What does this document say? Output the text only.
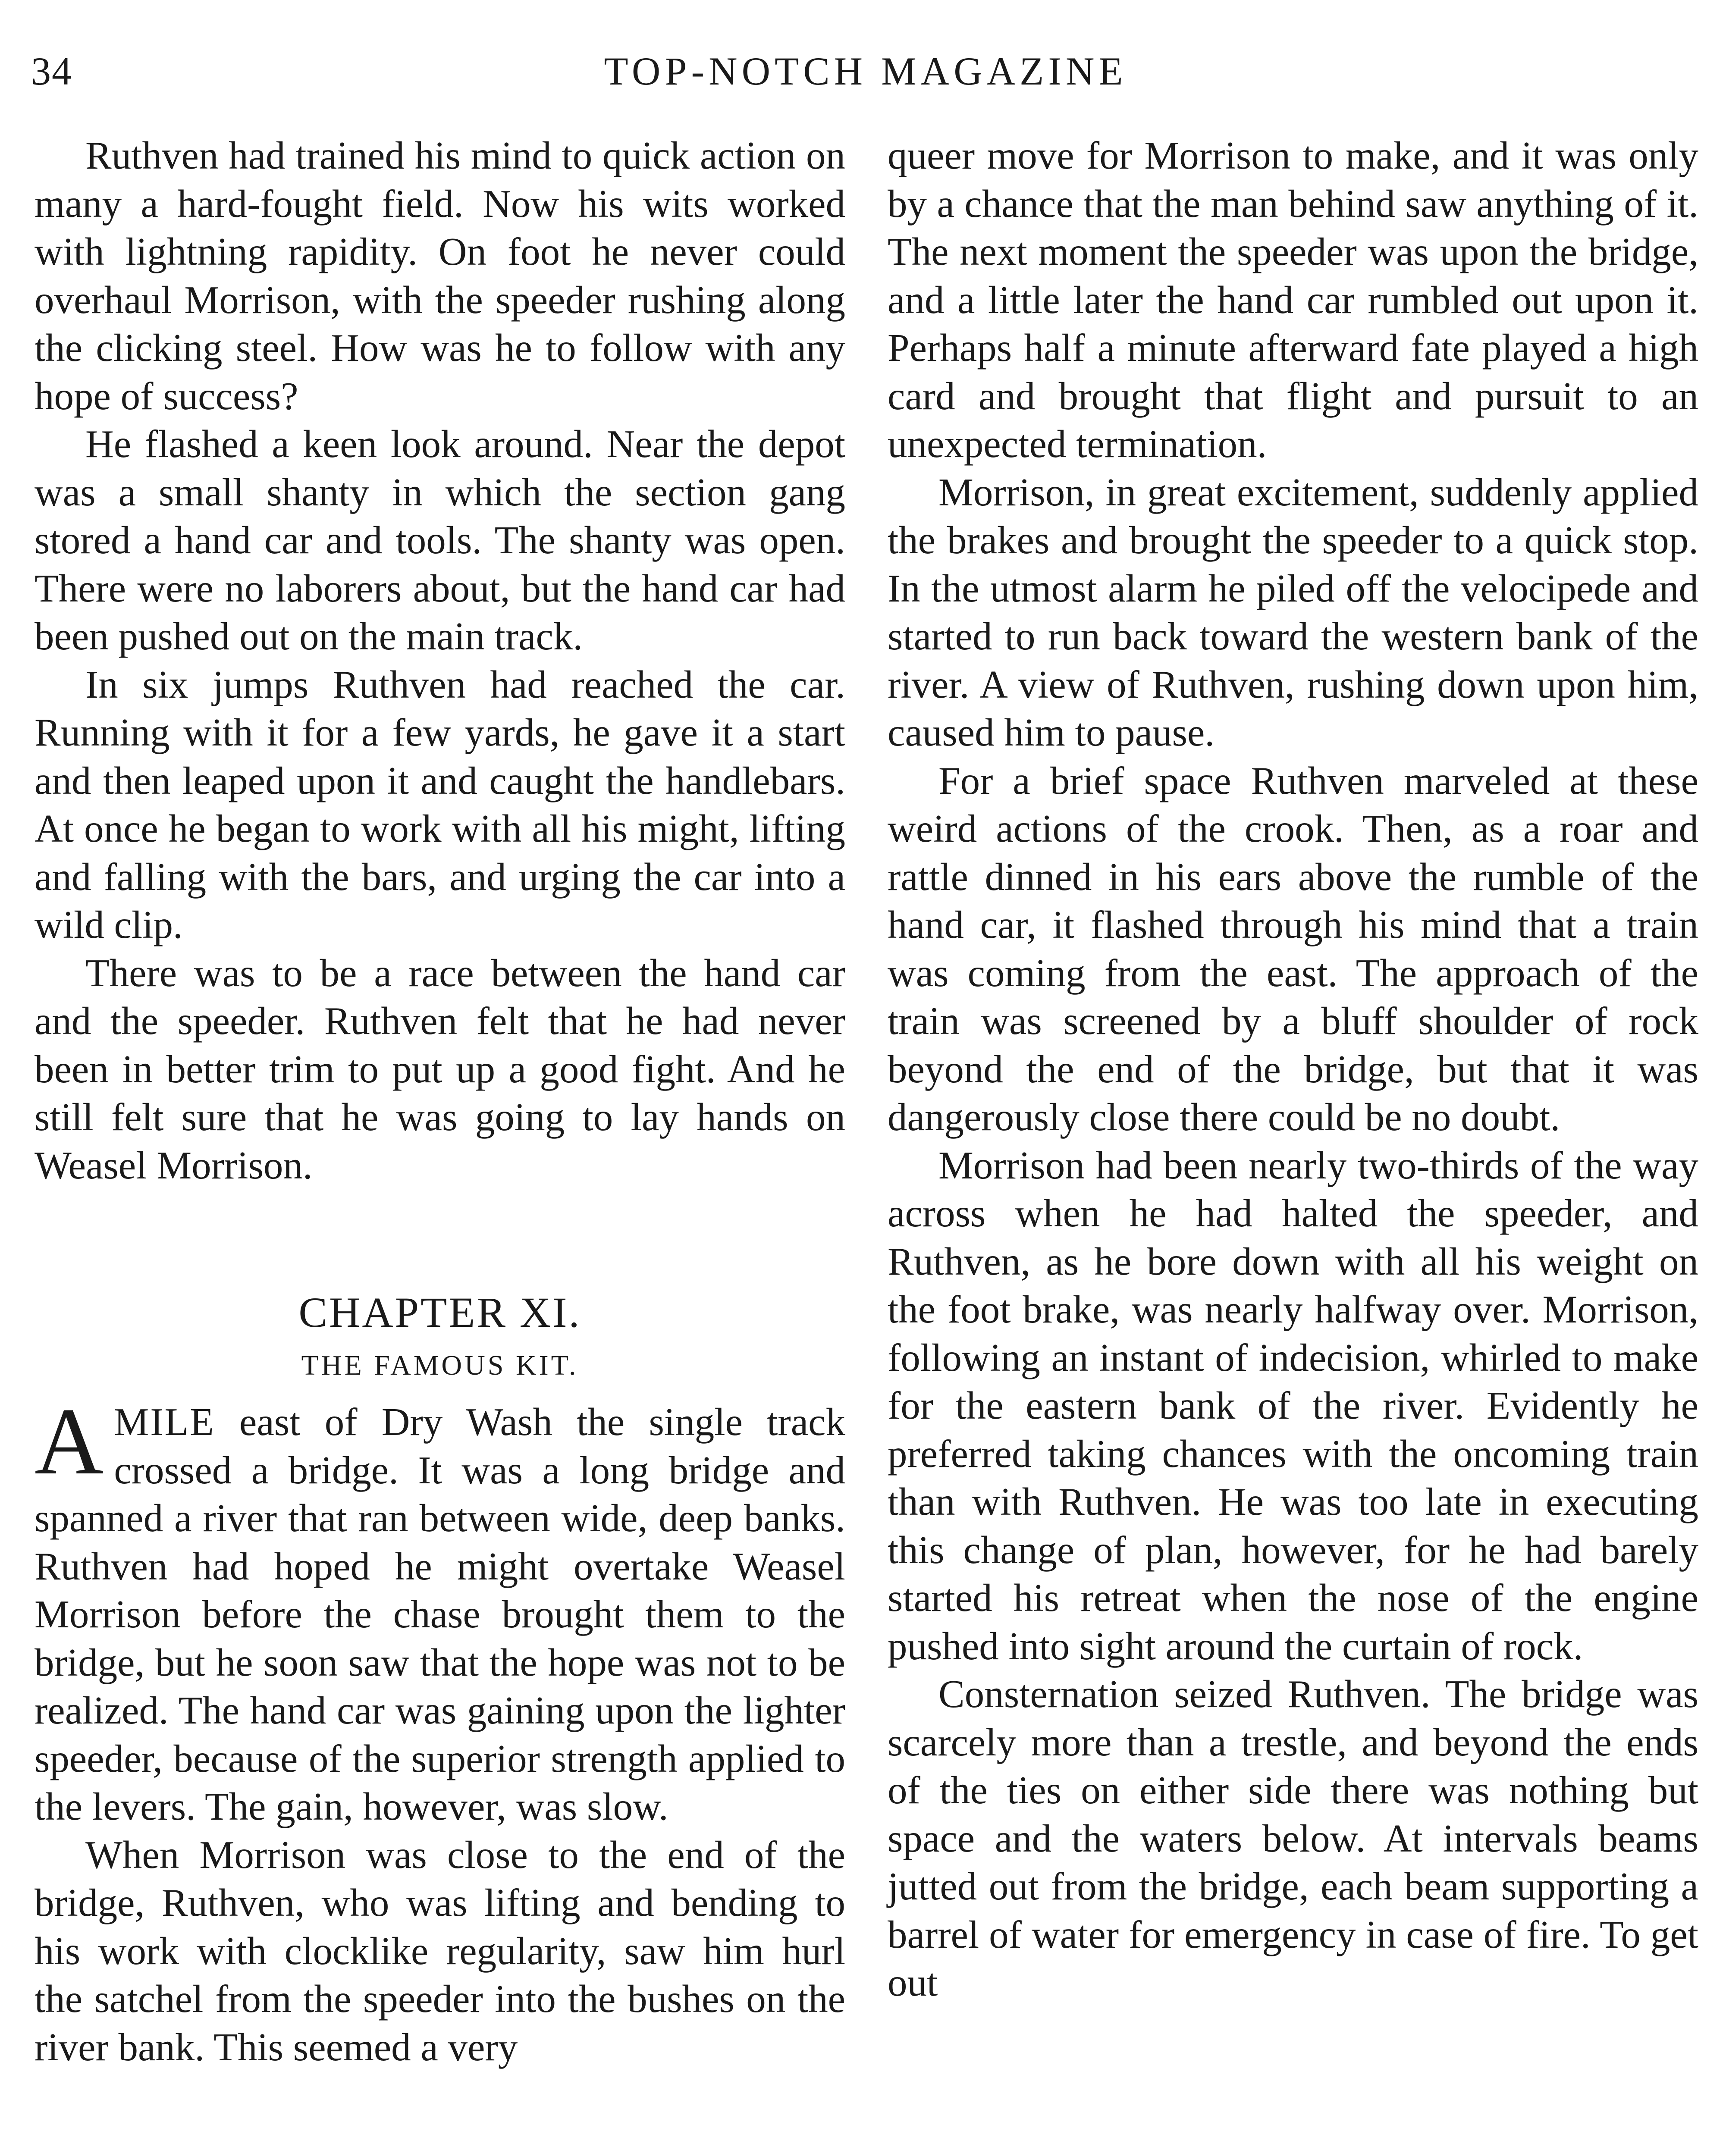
34	TOP-NOTCH MAGAZINE

Ruthven had trained his mind to quick action on many a hard-fought field. Now his wits worked with lightning rapidity. On foot he never could overhaul Morrison, with the speeder rushing along the clicking steel. How was he to follow with any hope of success?

He flashed a keen look around. Near the depot was a small shanty in which the section gang stored a hand car and tools. The shanty was open. There were no laborers about, but the hand car had been pushed out on the main track.

In six jumps Ruthven had reached the car. Running with it for a few yards, he gave it a start and then leaped upon it and caught the handlebars. At once he began to work with all his might, lifting and falling with the bars, and urging the car into a wild clip.

There was to be a race between the hand car and the speeder. Ruthven felt that he had never been in better trim to put up a good fight. And he still felt sure that he was going to lay hands on Weasel Morrison.

CHAPTER XI.
THE FAMOUS KIT.

AMILE east of Dry Wash the single track crossed a bridge. It was a long bridge and spanned a river that ran between wide, deep banks. Ruthven had hoped he might overtake Weasel Morrison before the chase brought them to the bridge, but he soon saw that the hope was not to be realized. The hand car was gaining upon the lighter speeder, because of the superior strength applied to the levers. The gain, however, was slow.

When Morrison was close to the end of the bridge, Ruthven, who was lifting and bending to his work with clocklike regularity, saw him hurl the satchel from the speeder into the bushes on the river bank. This seemed a very

queer move for Morrison to make, and it was only by a chance that the man behind saw anything of it. The next moment the speeder was upon the bridge, and a little later the hand car rumbled out upon it. Perhaps half a minute afterward fate played a high card and brought that flight and pursuit to an unexpected termination.

Morrison, in great excitement, suddenly applied the brakes and brought the speeder to a quick stop. In the utmost alarm he piled off the velocipede and started to run back toward the western bank of the river. A view of Ruthven, rushing down upon him, caused him to pause.

For a brief space Ruthven marveled at these weird actions of the crook. Then, as a roar and rattle dinned in his ears above the rumble of the hand car, it flashed through his mind that a train was coming from the east. The approach of the train was screened by a bluff shoulder of rock beyond the end of the bridge, but that it was dangerously close there could be no doubt.

Morrison had been nearly two-thirds of the way across when he had halted the speeder, and Ruthven, as he bore down with all his weight on the foot brake, was nearly halfway over. Morrison, following an instant of indecision, whirled to make for the eastern bank of the river. Evidently he preferred taking chances with the oncoming train than with Ruthven. He was too late in executing this change of plan, however, for he had barely started his retreat when the nose of the engine pushed into sight around the curtain of rock.

Consternation seized Ruthven. The bridge was scarcely more than a trestle, and beyond the ends of the ties on either side there was nothing but space and the waters below. At intervals beams jutted out from the bridge, each beam supporting a barrel of water for emergency in case of fire. To get out
